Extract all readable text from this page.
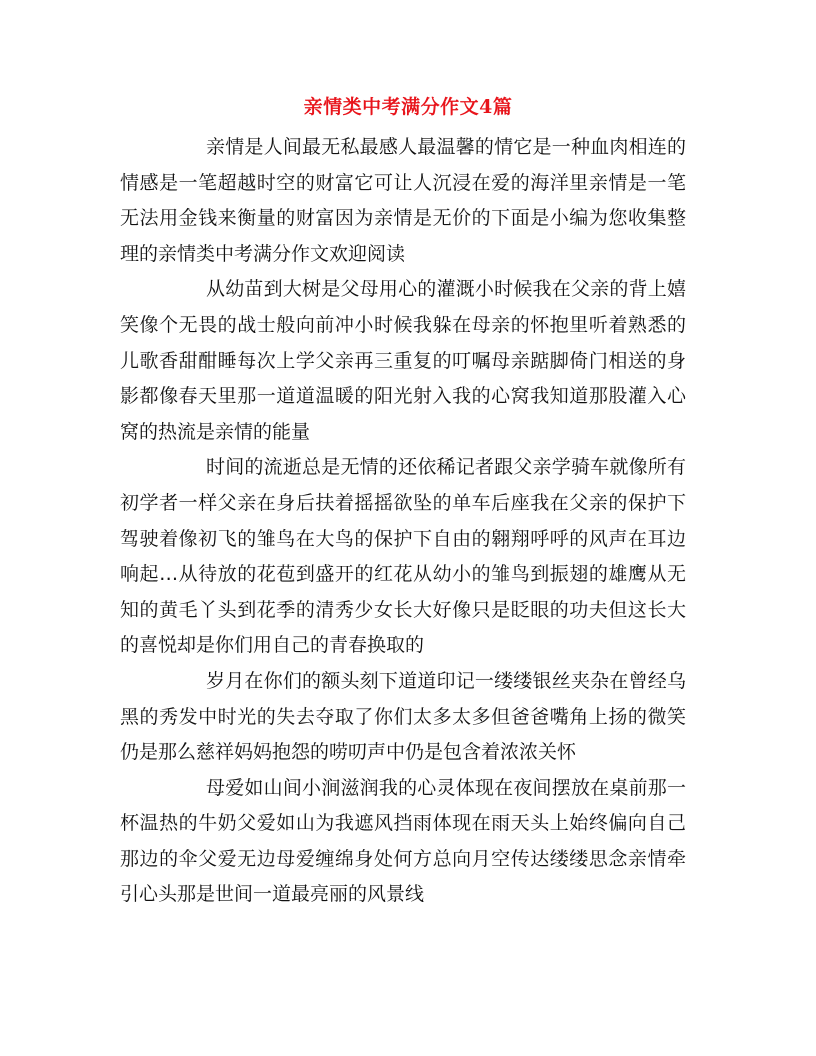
亲情类中考满分作文4篇

亲情是人间最无私最感人最温馨的情它是一种血肉相连的情感是一笔超越时空的财富它可让人沉浸在爱的海洋里亲情是一笔无法用金钱来衡量的财富因为亲情是无价的下面是小编为您收集整理的亲情类中考满分作文欢迎阅读

从幼苗到大树是父母用心的灌溉小时候我在父亲的背上嬉笑像个无畏的战士般向前冲小时候我躲在母亲的怀抱里听着熟悉的儿歌香甜酣睡每次上学父亲再三重复的叮嘱母亲踮脚倚门相送的身影都像春天里那一道道温暖的阳光射入我的心窝我知道那股灌入心窝的热流是亲情的能量

时间的流逝总是无情的还依稀记者跟父亲学骑车就像所有初学者一样父亲在身后扶着摇摇欲坠的单车后座我在父亲的保护下驾驶着像初飞的雏鸟在大鸟的保护下自由的翱翔呼呼的风声在耳边响起…从待放的花苞到盛开的红花从幼小的雏鸟到振翅的雄鹰从无知的黄毛丫头到花季的清秀少女长大好像只是眨眼的功夫但这长大的喜悦却是你们用自己的青春换取的

岁月在你们的额头刻下道道印记一缕缕银丝夹杂在曾经乌黑的秀发中时光的失去夺取了你们太多太多但爸爸嘴角上扬的微笑仍是那么慈祥妈妈抱怨的唠叨声中仍是包含着浓浓关怀

母爱如山间小涧滋润我的心灵体现在夜间摆放在桌前那一杯温热的牛奶父爱如山为我遮风挡雨体现在雨天头上始终偏向自己那边的伞父爱无边母爱缠绵身处何方总向月空传达缕缕思念亲情牵引心头那是世间一道最亮丽的风景线
